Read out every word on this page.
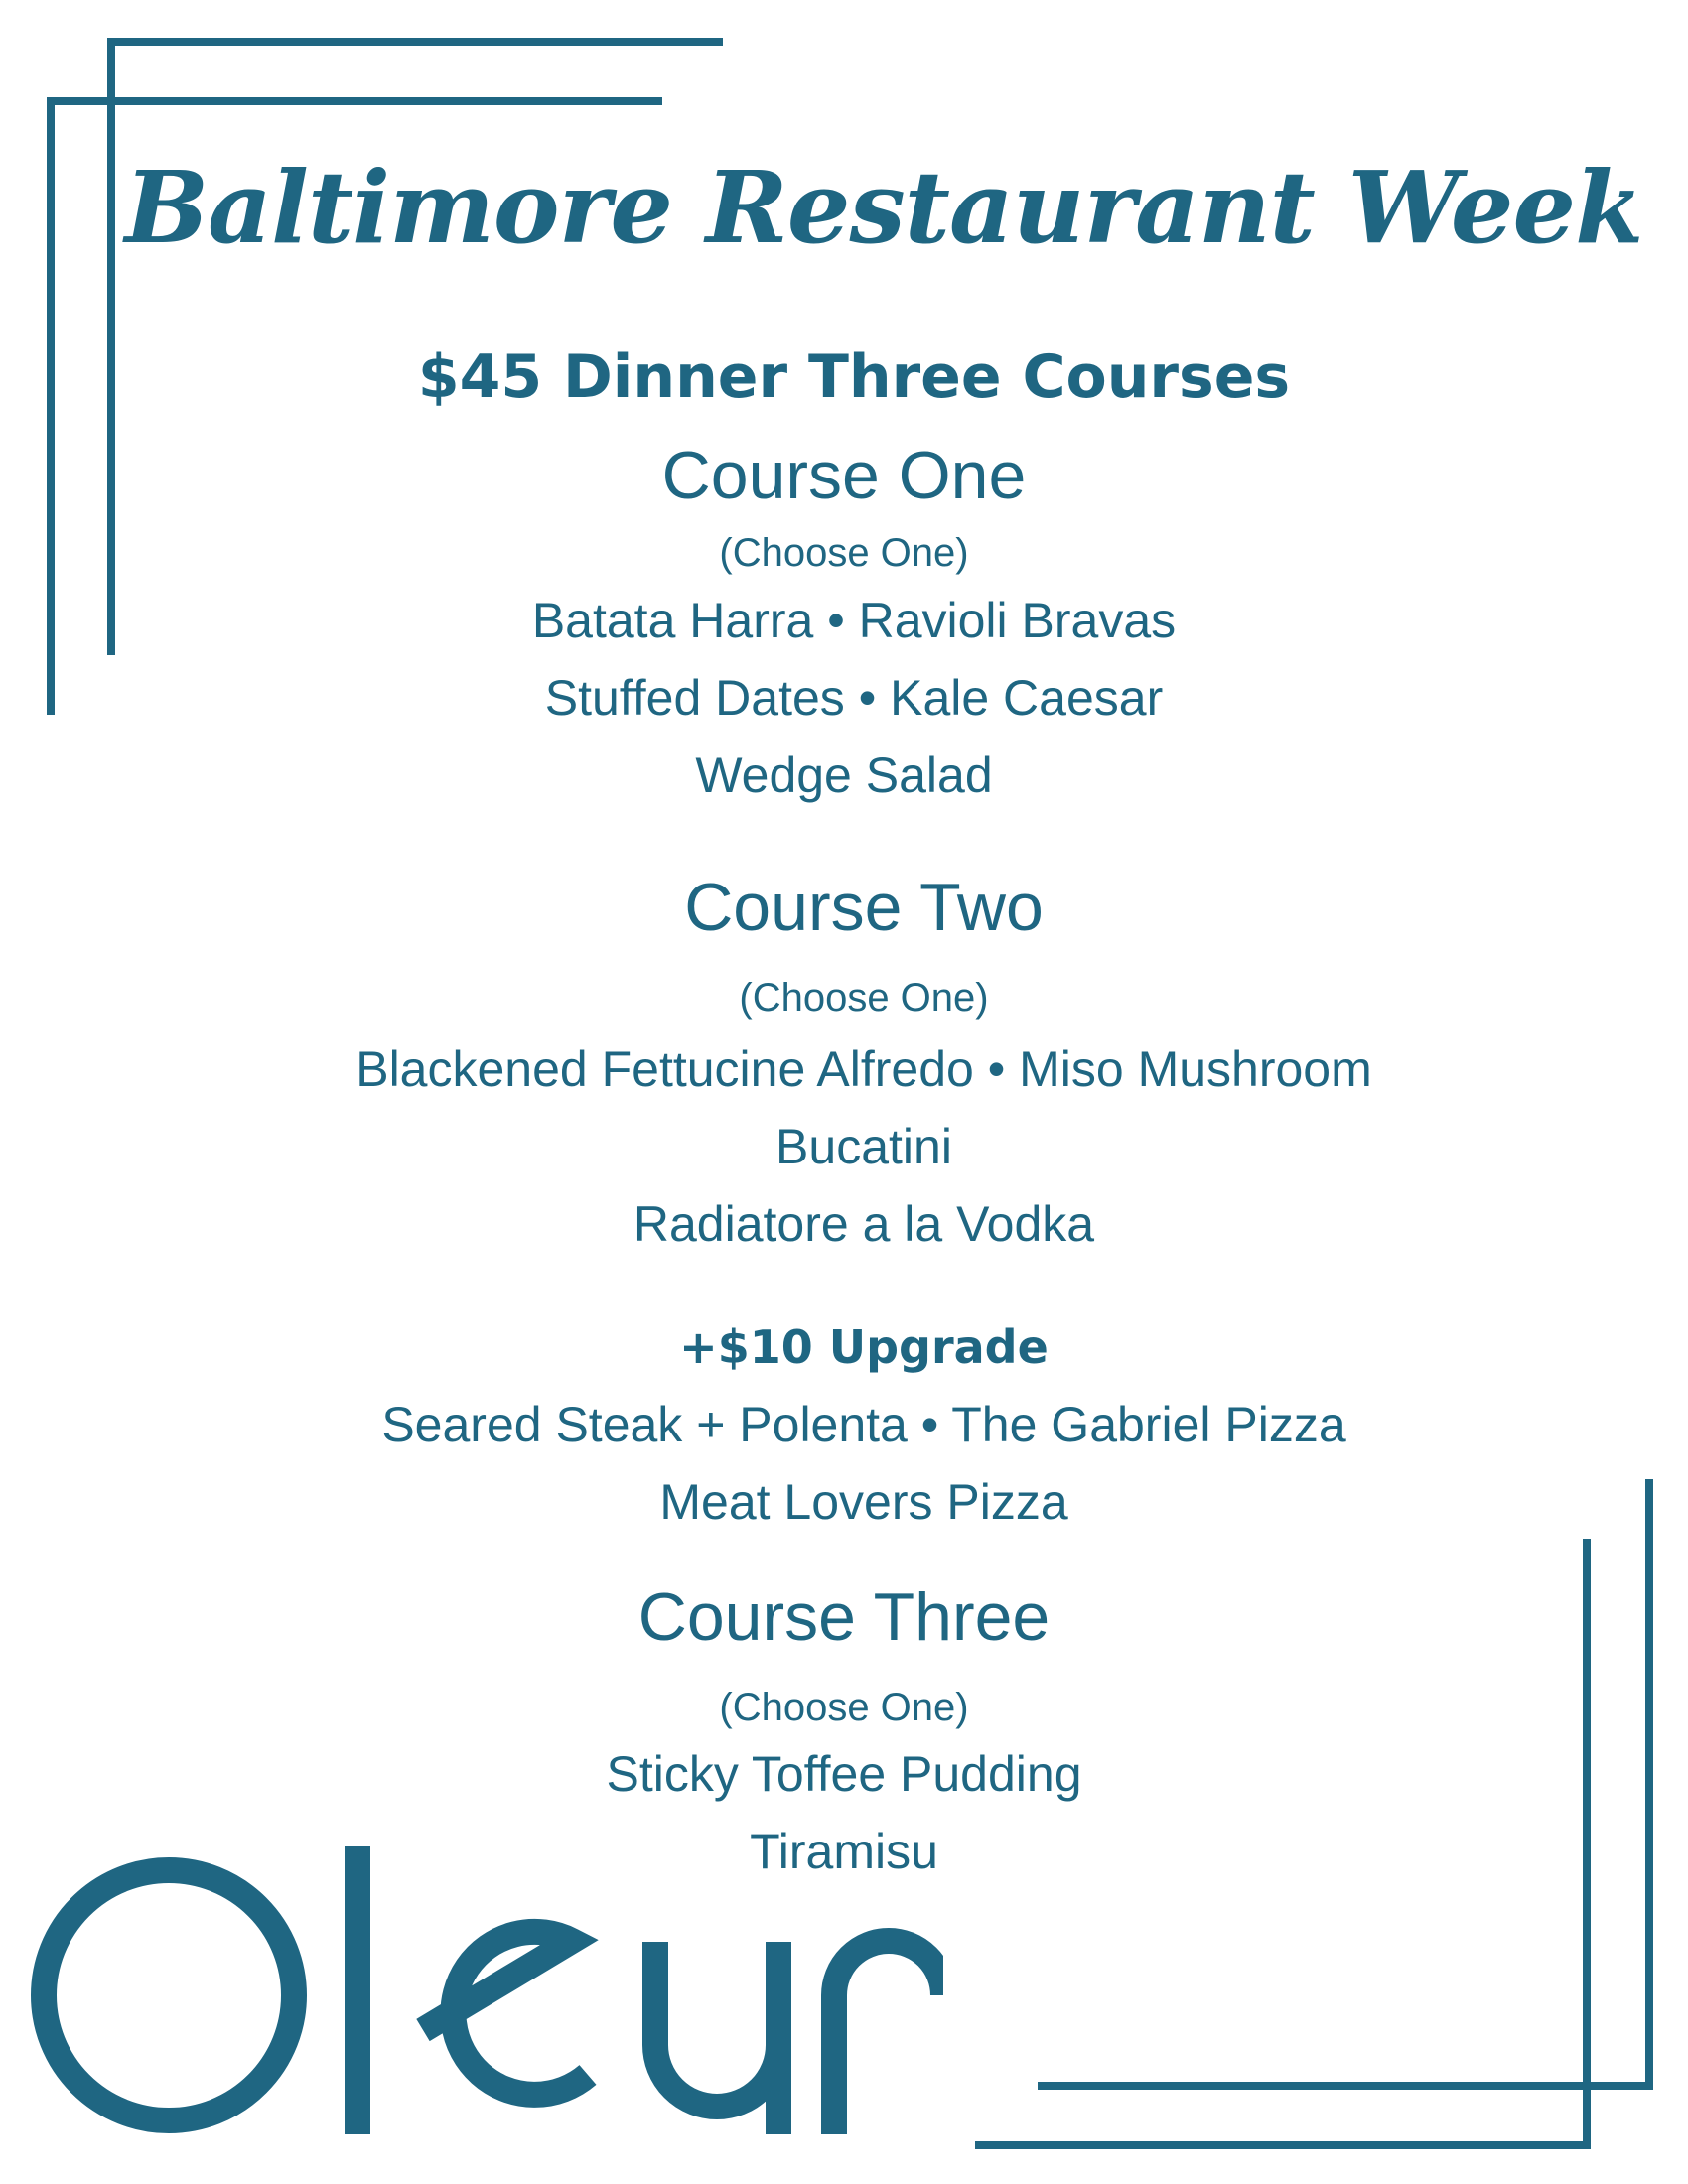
Baltimore Restaurant Week
$45 Dinner Three Courses
Course One
(Choose One)
Batata Harra • Ravioli Bravas
Stuffed Dates • Kale Caesar
Wedge Salad
Course Two
(Choose One)
Blackened Fettucine Alfredo • Miso Mushroom
Bucatini
Radiatore a la Vodka
+$10 Upgrade
Seared Steak + Polenta • The Gabriel Pizza
Meat Lovers Pizza
Course Three
(Choose One)
Sticky Toffee Pudding
Tiramisu
